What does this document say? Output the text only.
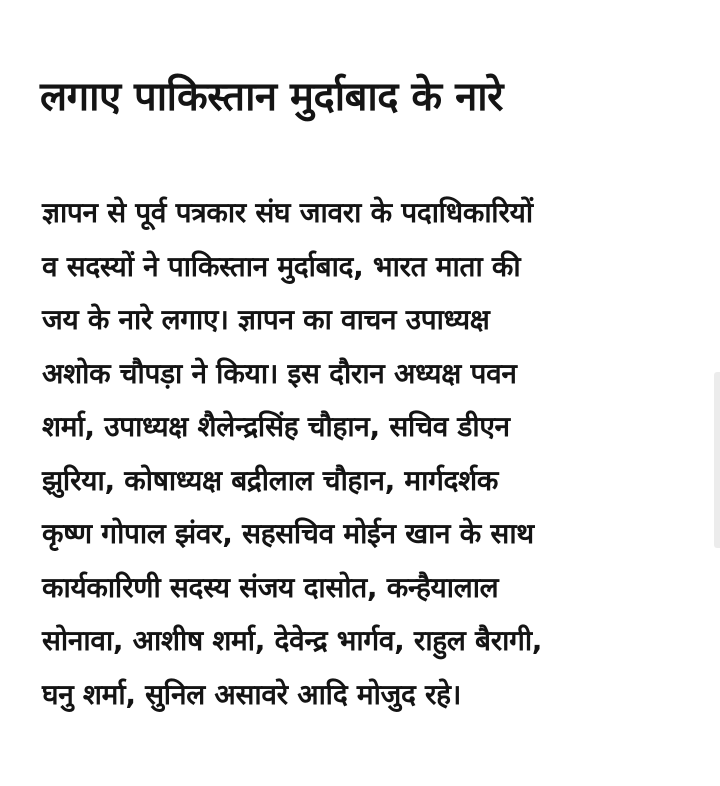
लगाए पाकिस्तान मुर्दाबाद के नारे
ज्ञापन से पूर्व पत्रकार संघ जावरा के पदाधिकारियों
व सदस्यों ने पाकिस्तान मुर्दाबाद, भारत माता की
जय के नारे लगाए। ज्ञापन का वाचन उपाध्यक्ष
अशोक चौपड़ा ने किया। इस दौरान अध्यक्ष पवन
शर्मा, उपाध्यक्ष शैलेन्द्रसिंह चौहान, सचिव डीएन
झुरिया, कोषाध्यक्ष बद्रीलाल चौहान, मार्गदर्शक
कृष्ण गोपाल झंवर, सहसचिव मोईन खान के साथ
कार्यकारिणी सदस्य संजय दासोत, कन्हैयालाल
सोनावा, आशीष शर्मा, देवेन्द्र भार्गव, राहुल बैरागी,
घनु शर्मा, सुनिल असावरे आदि मोजुद रहे।
